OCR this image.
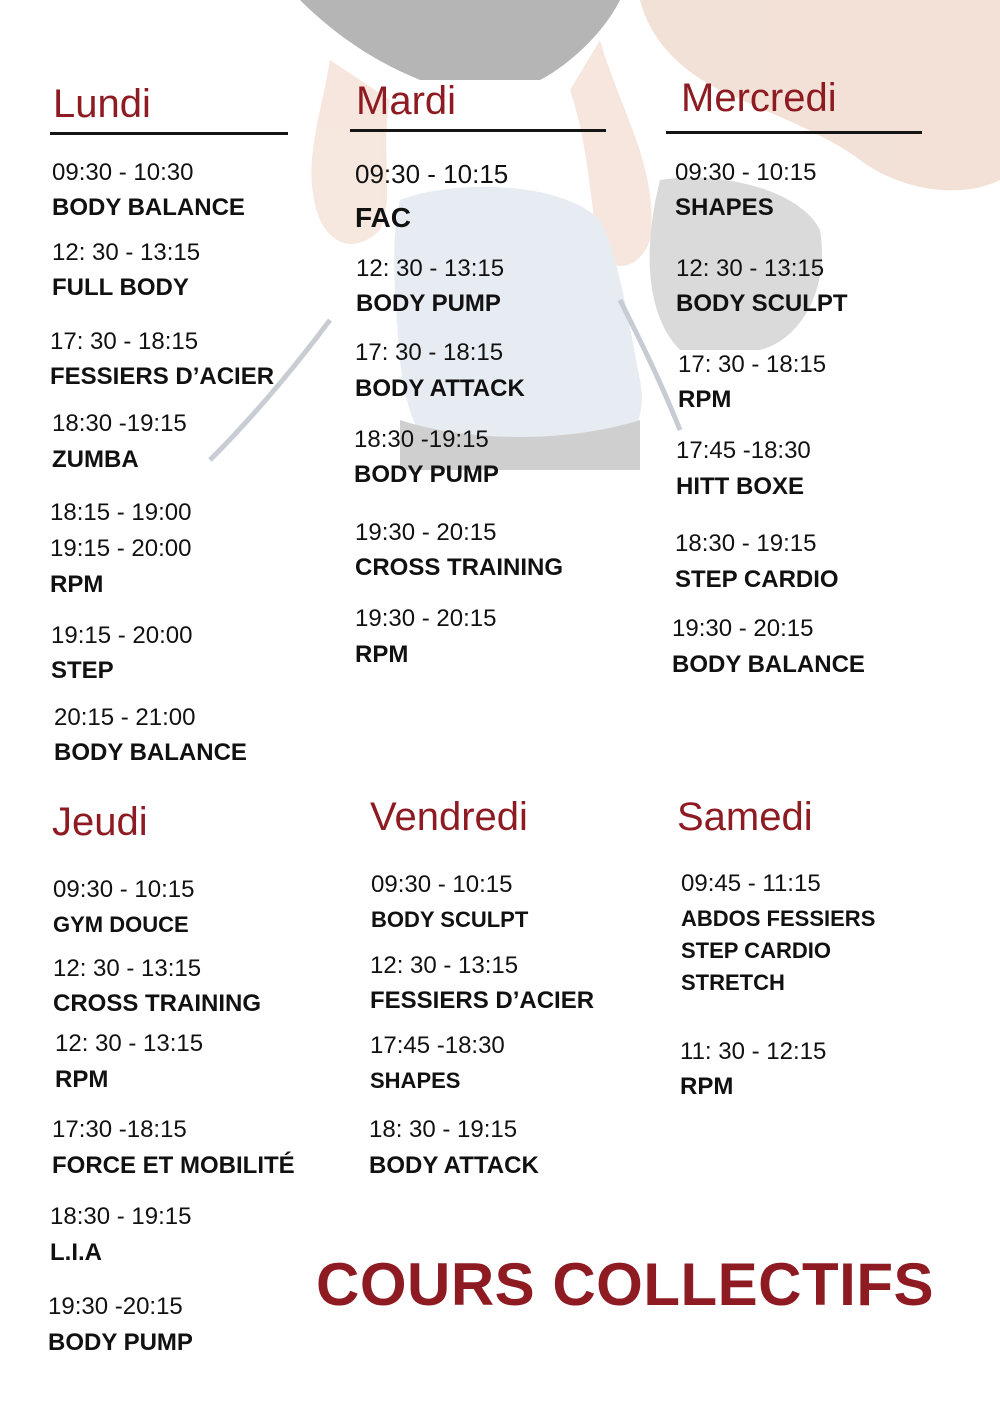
Lundi
09:30 - 10:30
BODY BALANCE
12: 30 - 13:15
FULL BODY
17: 30 - 18:15
FESSIERS D’ACIER
18:30 -19:15
ZUMBA
18:15 - 19:00
19:15 - 20:00
RPM
19:15 - 20:00
STEP
20:15 - 21:00
BODY BALANCE
Mardi
09:30 - 10:15
FAC
12: 30 - 13:15
BODY PUMP
17: 30 - 18:15
BODY ATTACK
18:30 -19:15
BODY PUMP
19:30 - 20:15
CROSS TRAINING
19:30 - 20:15
RPM
Mercredi
09:30 - 10:15
SHAPES
12: 30 - 13:15
BODY SCULPT
17: 30 - 18:15
RPM
17:45 -18:30
HITT BOXE
18:30 - 19:15
STEP CARDIO
19:30 - 20:15
BODY BALANCE
Jeudi
09:30 - 10:15
GYM DOUCE
12: 30 - 13:15
CROSS TRAINING
12: 30 - 13:15
RPM
17:30 -18:15
FORCE ET MOBILITÉ
18:30 - 19:15
L.I.A
19:30 -20:15
BODY PUMP
Vendredi
09:30 - 10:15
BODY SCULPT
12: 30 - 13:15
FESSIERS D’ACIER
17:45 -18:30
SHAPES
18: 30 - 19:15
BODY ATTACK
Samedi
09:45 - 11:15
ABDOS FESSIERS
STEP CARDIO
STRETCH
11: 30 - 12:15
RPM
COURS COLLECTIFS
